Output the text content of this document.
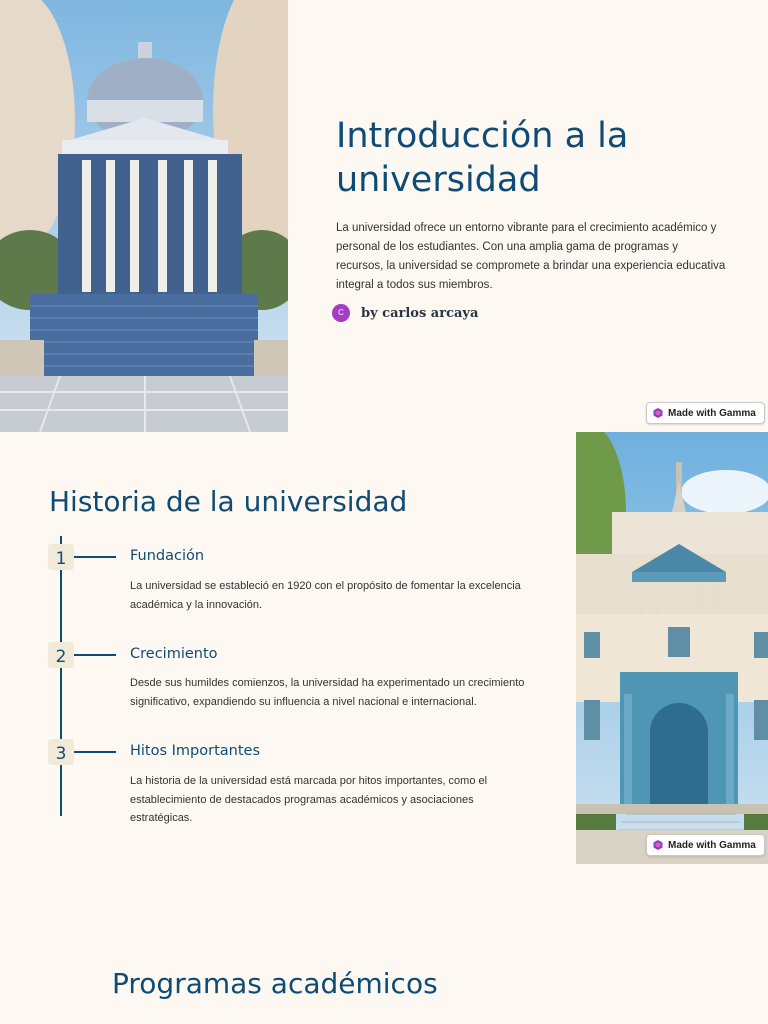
Introducción a la universidad

La universidad ofrece un entorno vibrante para el crecimiento académico y personal de los estudiantes. Con una amplia gama de programas y recursos, la universidad se compromete a brindar una experiencia educativa integral a todos sus miembros.

C	by carlos arcaya
Made with Gamma
Historia de la universidad
1	Fundación

La universidad se estableció en 1920 con el propósito de fomentar la excelencia académica y la innovación.

2	Crecimiento

Desde sus humildes comienzos, la universidad ha experimentado un crecimiento significativo, expandiendo su influencia a nivel nacional e internacional.

3	Hitos Importantes

La historia de la universidad está marcada por hitos importantes, como el establecimiento de destacados programas académicos y asociaciones estratégicas.

Made with Gamma
Programas académicos
